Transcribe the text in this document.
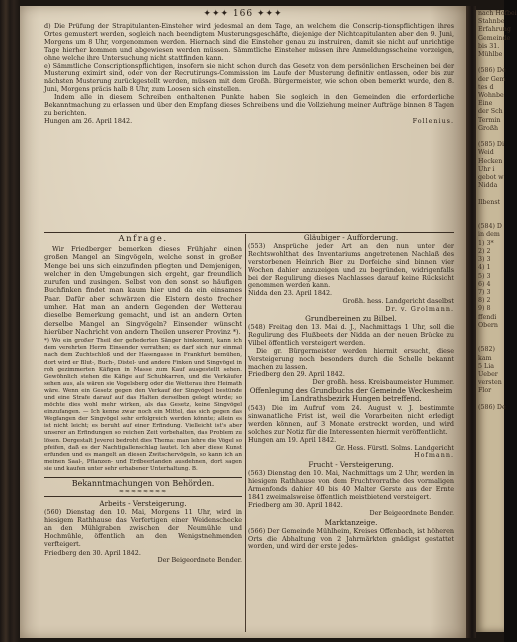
✦✦✦ 166 ✦✦✦

d) Die Prüfung der Strapitulanten-Einsteher wird jedesmal an dem Tage, an welchem die Conscrip-tionspflichtigen ihres Ortes gemustert werden, sogleich nach beendigtem Musterungsgeschäfte, diejenige der Nichtcapitulanten aber den 9. Juni, Morgens um 8 Uhr, vorgenommen werden. Hiernach sind die Einsteher genau zu instruiren, damit sie nicht auf unrichtige Tage hierher kommen und abgewiesen werden müssen. Sämmtliche Einsteher müssen ihre Anmeldungsscheine vorzeigen, ohne welche ihre Untersuchung nicht stattfinden kann.

e) Sämmtliche Conscriptionspflichtigen, insofern sie nicht schon durch das Gesetz von dem persönlichen Erscheinen bei der Musterung eximirt sind, oder von der Recrutirungs-Commission im Laufe der Musterung definitiv entlassen, oder bis zur nächsten Musterung zurückgestellt werden, müssen mit dem Großh. Bürgermeister, wie schon oben bemerkt wurde, den 8. Juni, Morgens präcis halb 8 Uhr, zum Loosen sich einstellen.

Indem alle in diesem Schreiben enthaltenen Punkte haben Sie sogleich in den Gemeinden die erforderliche Bekanntmachung zu erlassen und über den Empfang dieses Schreibens und die Vollziehung meiner Aufträge binnen 8 Tagen zu berichten.

Hungen am 26. April 1842.	Follenius.
Anfrage.

Wir Friedberger bemerken dieses Frühjahr einen großen Mangel an Singvögeln, welche sonst in großer Menge bei uns sich einzufinden pflegten und Demjenigen, welcher in den Umgebungen sich ergeht, gar freundlich zurufen und zusingen. Selbst von den sonst so häufigen Buchfinken findet man kaum hier und da ein einsames Paar. Dafür aber schwärzen die Elstern desto frecher umher. Hat man an andern Gegenden der Wetterau dieselbe Bemerkung gemacht, und ist an andern Orten derselbe Mangel an Singvögeln? Einsender wünscht hierüber Nachricht von andern Theilen unserer Provinz *).

*) Wo ein großer Theil der gefiederten Sänger hinkommt, kann ich dem verehrten Herrn Einsender verrathen; es darf sich nur einmal nach dem Zuchtschloß und der Hasengasse in Frankfurt bemühen, dort wird er Blut-, Buch-, Distel- und andere Finken und Singvögel in roh gezimmerten Käfigen in Masse zum Kauf ausgestellt sehen. Gewöhnlich stehen die Käfige auf Schubkarren, und die Verkäufer sehen aus, als wären sie Vogelsberg oder die Wetterau ihre Heimath wäre. Wenn ein Gesetz gegen den Verkauf der Singvögel bestünde und eine Strafe darauf auf das Halten derselben gelegt würde; so möchte dies wohl mehr wirken, als das Gesetz, keine Singvögel einzufangen. — Ich kenne zwar noch ein Mittel, das sich gegen das Wegfangen der Singvögel sehr erfolgreich werden könnte; allein es ist nicht leicht; es beruht auf einer Erfindung. Vielleicht ist's aber unserer an Erfindungen so reichen Zeit vorbehalten, das Problem zu lösen. Dergestalt Jeverei bedroht dies Thema: man lehre die Vögel so pfeifen, daß es der Nachtigallenschlag lautet. Ich aber diese Kunst erfunden und es mangelt an diesen Zwitschervögeln, so kann ich an meinen Saal-, Pflanzen- und Erdbeerlanden ausdehnen, dort sagen sie und kaufen unter sehr erhabener Unterhaltung. B.

Bekanntmachungen von Behörden.
≈≈≈≈≈≈≈≈
Arbeits - Versteigerung.

(560) Dienstag den 10. Mai, Morgens 11 Uhr, wird in hiesigem Rathhause das Verfertigen einer Weidenschecke an den Mühlgraben zwischen der Neumühle und Hochmühle, öffentlich an den Wenigstnehmenden verfteigert.

Friedberg den 30. April 1842.
Der Beigeordnete Bender.
Gläubiger - Aufforderung.

(553) Ansprüche jeder Art an den nun unter der Rechtswohlthat des Inventariums angetretenen Nachlaß des verstorbenen Heinrich Bier zu Dorfeiche sind binnen vier Wochen dahier anzuzeigen und zu begründen, widrigenfalls bei der Regulirung dieses Nachlasses darauf keine Rücksicht genommen werden kann.

Nidda den 23. April 1842.
Großh. hess. Landgericht daselbst
Dr. v. Grolmann.
Grundbereinen zu Bilbel.

(548) Freitag den 13. Mai d. J., Nachmittags 1 Uhr, soll die Regulirung des Flußbeets der Nidda an der neuen Brücke zu Vilbel öffentlich versteigert werden.

Die gr. Bürgermeister werden hiermit ersucht, diese Versteigerung noch besonders durch die Schelle bekannt machen zu lassen.

Friedberg den 29. April 1842.
Der großh. hess. Kreisbaumeister Hummer.
Offenlegung des Grundbuchs der Gemeinde Weckesheim im Landrathsbezirk Hungen betreffend.

(543) Die im Aufruf vom 24. August v. J. bestimmte sinwanatliche Frist ist, weil die Vorarbeiten nicht erledigt werden können, auf 3 Monate erstreckt worden, und wird solches zur Notiz für die Interessenten hiermit veröffentlicht.

Hungen am 19. April 1842.
Gr. Hess. Fürstl. Solms. Landgericht
Hofmann.
Frucht - Versteigerung.

(563) Dienstag den 10. Mai, Nachmittags um 2 Uhr, werden in hiesigem Rathhause von dem Fruchtvorrathe des vormaligen Armenfonds dahier 40 bis 40 Malter Gerste aus der Ernte 1841 zweimalsweise öffentlich meistbietend versteigert.

Friedberg am 30. April 1842.
Der Beigeordnete Bender.
Marktanzeige.

(566) Der Gemeinde Mühlheim, Kreises Offenbach, ist höheren Orts die Abhaltung von 2 Jahrmärkten gnädigst gestattet worden, und wird der erste jedes-

nach Hofbei
Stahnbe
Erfahrung
Gemeinde
bis 31.
Mühlbe

(586) De
der Gem
tes d
Wohnbe
Eine
der Sch
Termin
Großh

(585) Di
Weid
Hecken
Uhr i
gebot w
Nidda

Ilbenst

(584) D
in dem
1) 3*
2) 2
3) 3
4) 1
5) 3
6) 4
7) 3
8) 2
9) 8
ffendi
Obern

(582)
kam
5 Lia
Ueber
versten
Flor

(586) De
